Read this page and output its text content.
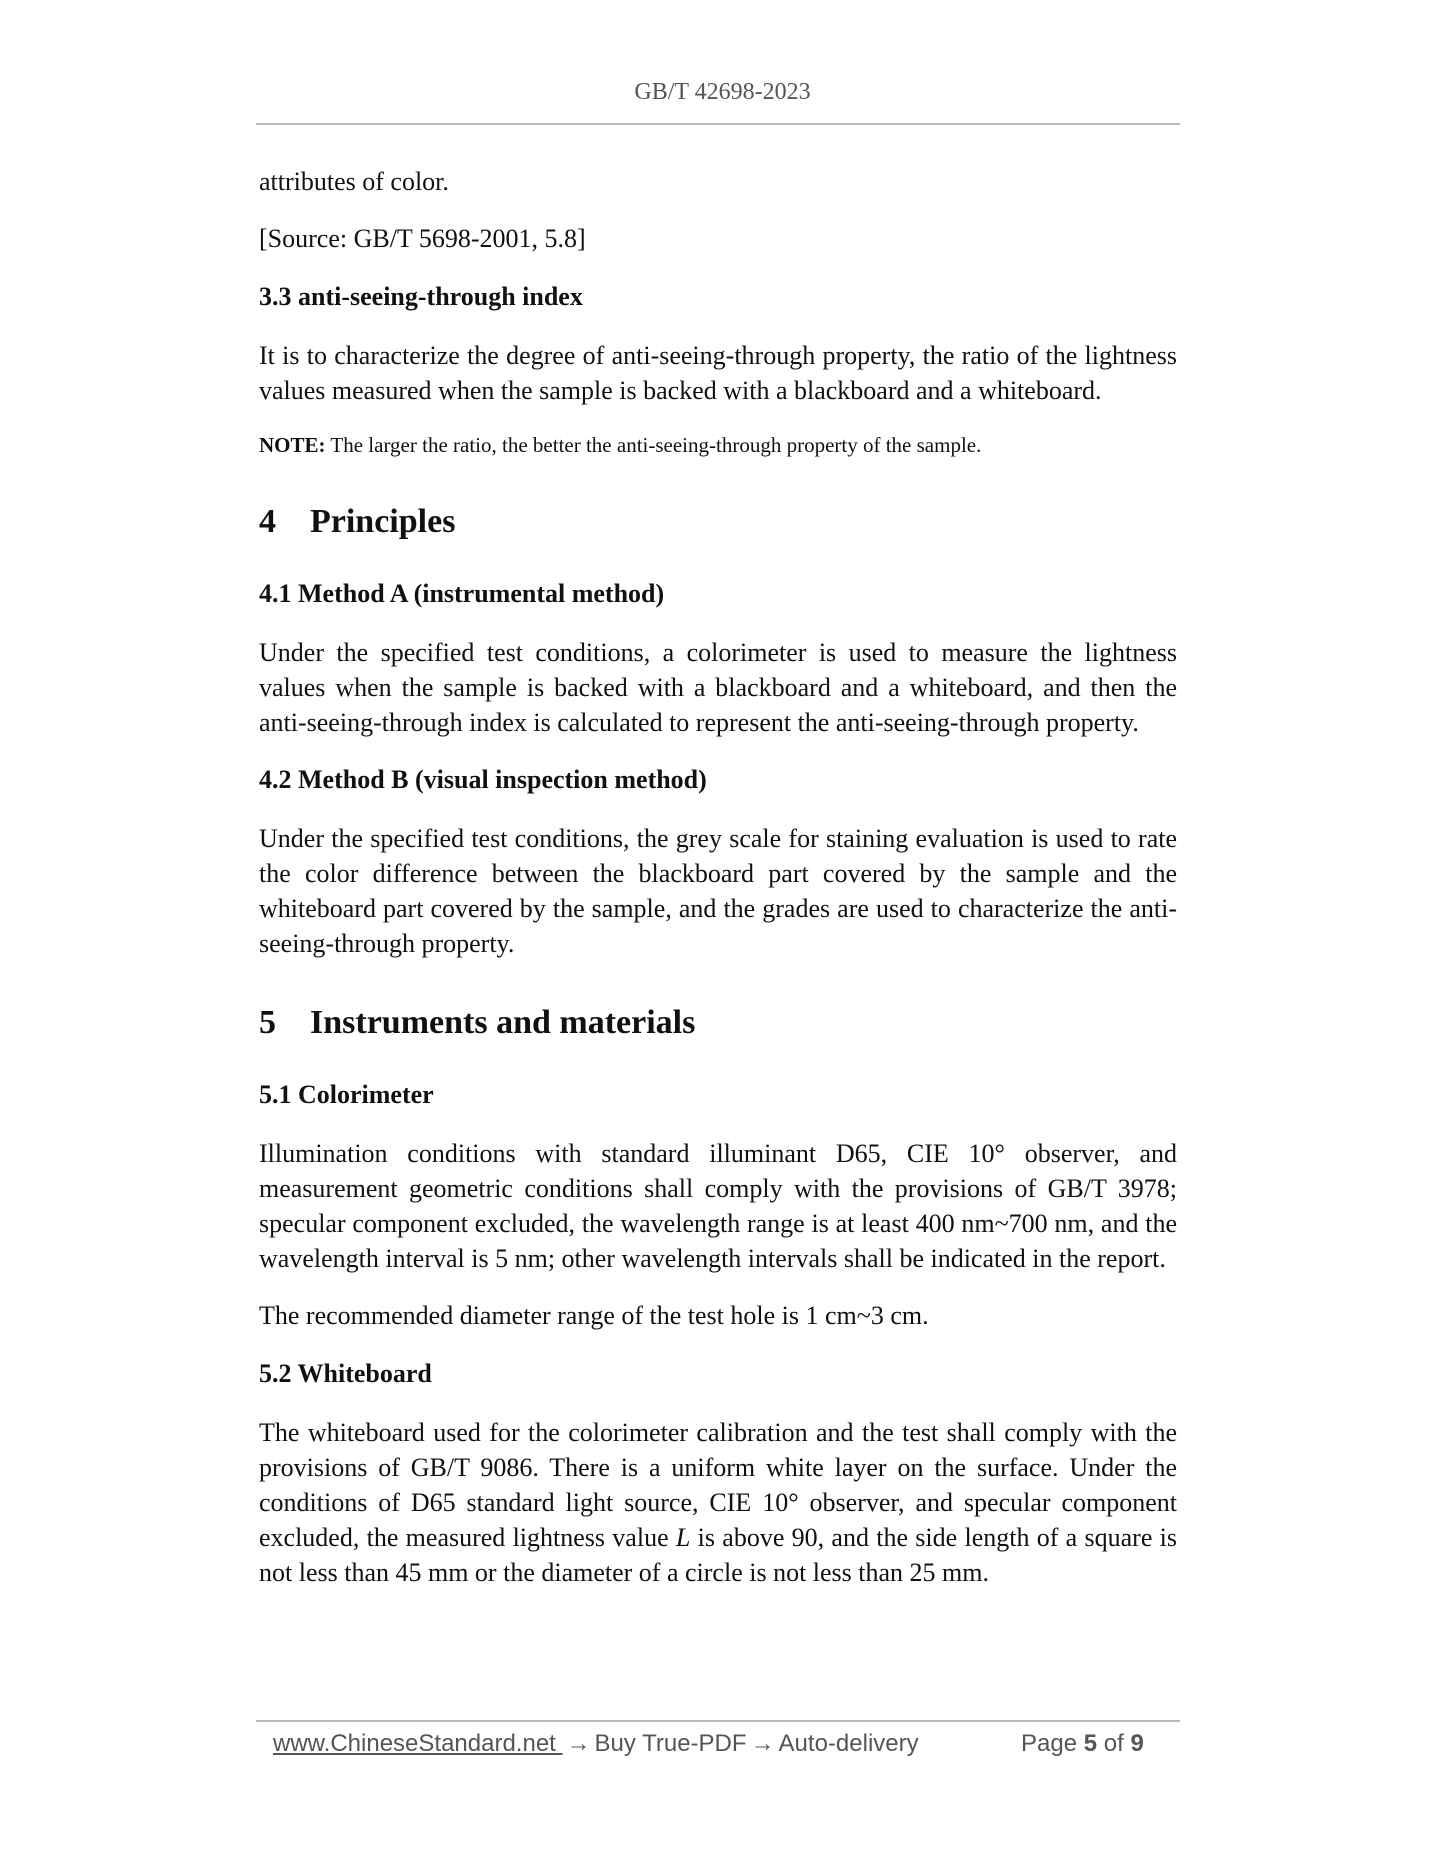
GB/T 42698-2023

attributes of color.

[Source: GB/T 5698-2001, 5.8]

3.3 anti-seeing-through index

It is to characterize the degree of anti-seeing-through property, the ratio of the lightness values measured when the sample is backed with a blackboard and a whiteboard.

NOTE: The larger the ratio, the better the anti-seeing-through property of the sample.

4 Principles
4.1 Method A (instrumental method)

Under the specified test conditions, a colorimeter is used to measure the lightness values when the sample is backed with a blackboard and a whiteboard, and then the anti-seeing-through index is calculated to represent the anti-seeing-through property.

4.2 Method B (visual inspection method)

Under the specified test conditions, the grey scale for staining evaluation is used to rate the color difference between the blackboard part covered by the sample and the whiteboard part covered by the sample, and the grades are used to characterize the anti-seeing-through property.

5 Instruments and materials
5.1 Colorimeter

Illumination conditions with standard illuminant D65, CIE 10° observer, and measurement geometric conditions shall comply with the provisions of GB/T 3978; specular component excluded, the wavelength range is at least 400 nm~700 nm, and the wavelength interval is 5 nm; other wavelength intervals shall be indicated in the report.

The recommended diameter range of the test hole is 1 cm~3 cm.

5.2 Whiteboard

The whiteboard used for the colorimeter calibration and the test shall comply with the provisions of GB/T 9086. There is a uniform white layer on the surface. Under the conditions of D65 standard light source, CIE 10° observer, and specular component excluded, the measured lightness value L is above 90, and the side length of a square is not less than 45 mm or the diameter of a circle is not less than 25 mm.

www.ChineseStandard.net → Buy True-PDF → Auto-delivery	Page 5 of 9
